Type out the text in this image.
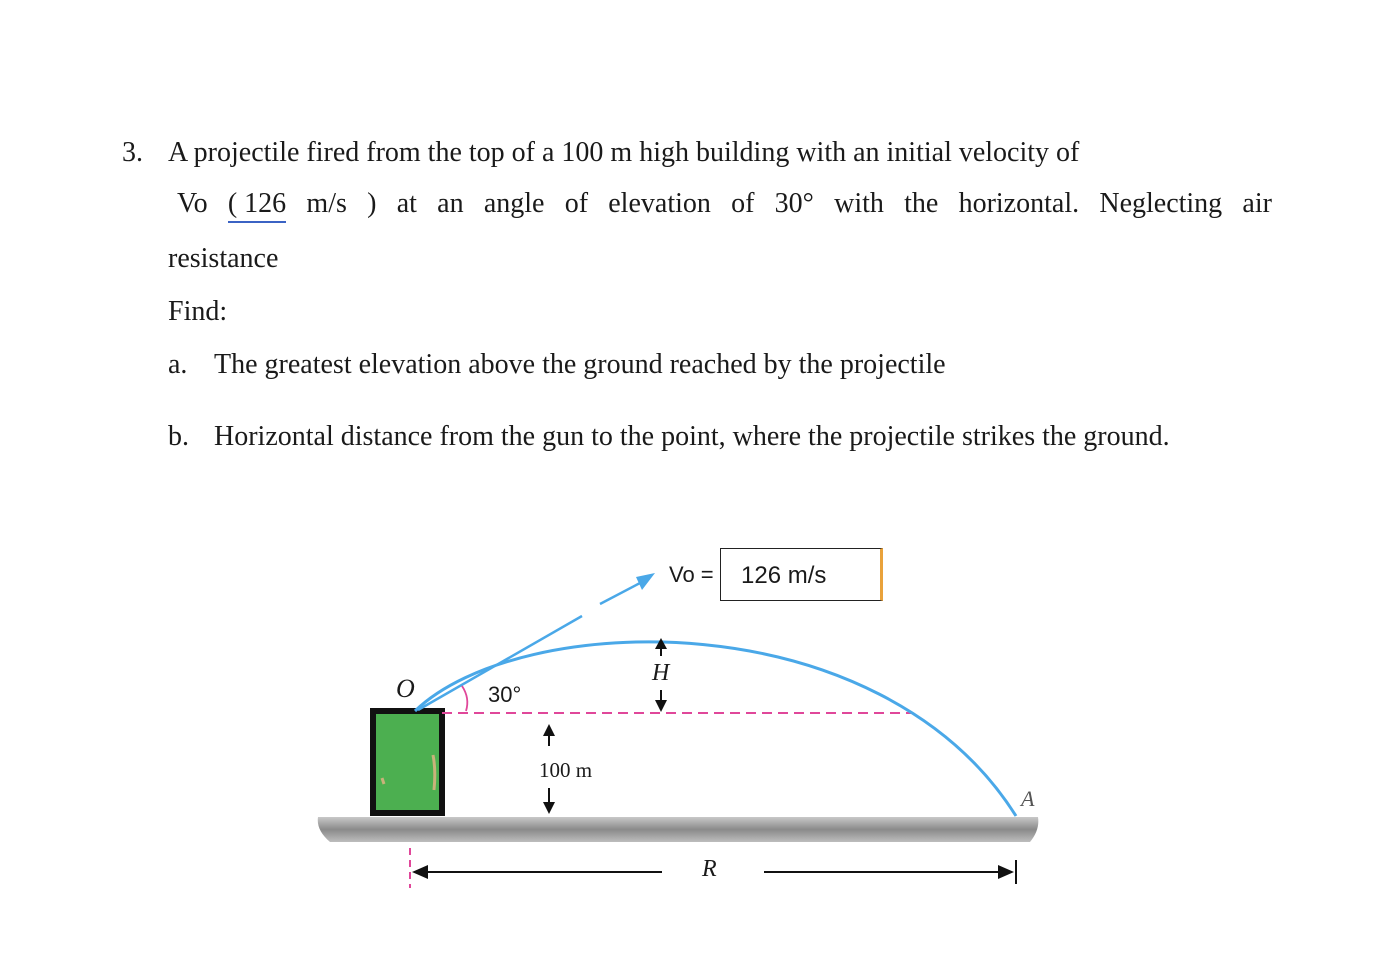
3. A projectile fired from the top of a 100 m high building with an initial velocity of
Vo ( 126 m/s ) at an angle of elevation of 30° with the horizontal. Neglecting air
resistance
Find:
a. The greatest elevation above the ground reached by the projectile
b. Horizontal distance from the gun to the point, where the projectile strikes the ground.
O	30°
100 m
H
A
R
Vo =	126 m/s
